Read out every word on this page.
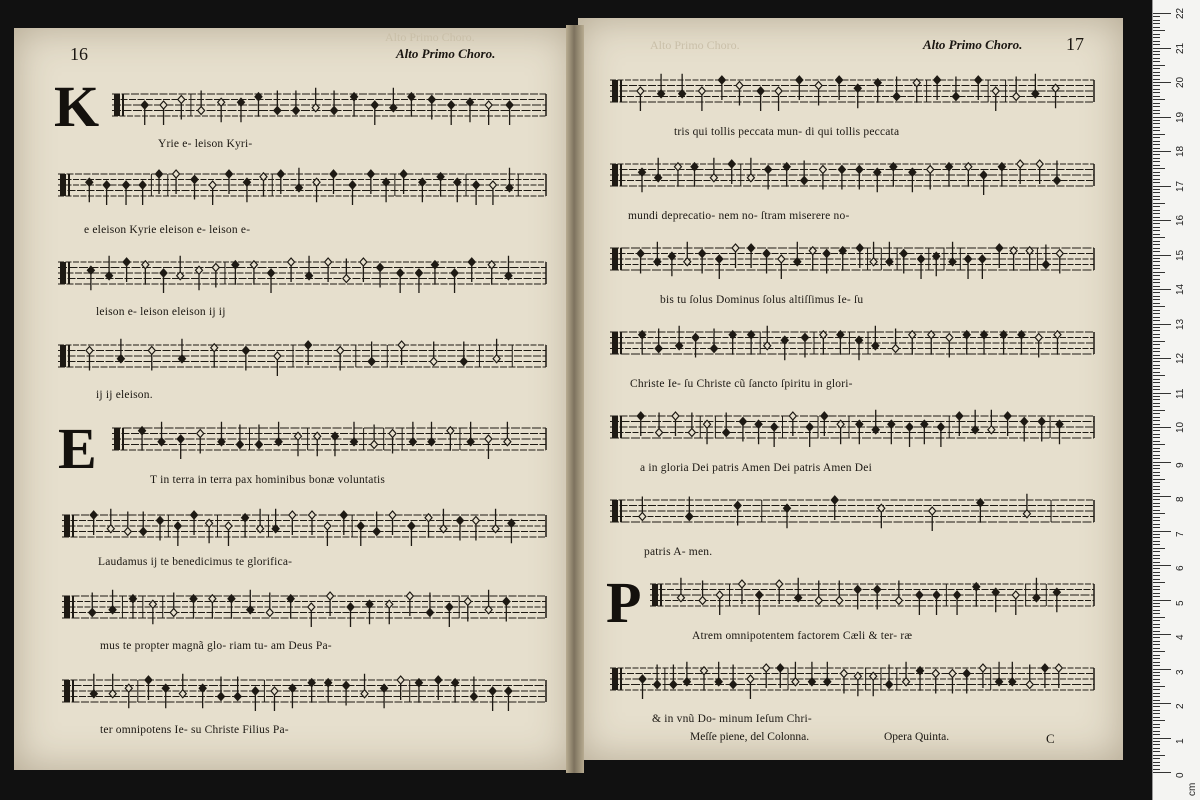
16	Alto Primo Choro.
Alto Primo Choro.	17
Alto Primo Choro.
Alto Primo Choro.
K
E
P
Yrie e- leison Kyri-
e eleison Kyrie eleison e- leison e-
leison e- leison eleison ij ij
ij ij eleison.
T in terra in terra pax hominibus bonæ voluntatis
Laudamus ij te benedicimus te glorifica-
mus te propter magnã glo- riam tu- am Deus Pa-
ter omnipotens Ie- su Christe Filius Pa-
tris qui tollis peccata mun- di qui tollis peccata
mundi deprecatio- nem no- ſtram miserere no-
bis tu ſolus Dominus ſolus altiſſimus Ie- ſu
Christe Ie- ſu Christe cũ ſancto ſpiritu in glori-
a in gloria Dei patris Amen Dei patris Amen Dei
patris A- men.
Atrem omnipotentem factorem Cæli & ter- ræ
& in vnũ Do- minum Ieſum Chri-
Meſſe piene, del Colonna.	Opera Quinta.	C
0
1
2
3
4
5
6
7
8
9
10
11
12
13
14
15
16
17
18
19
20
21
22
cm
